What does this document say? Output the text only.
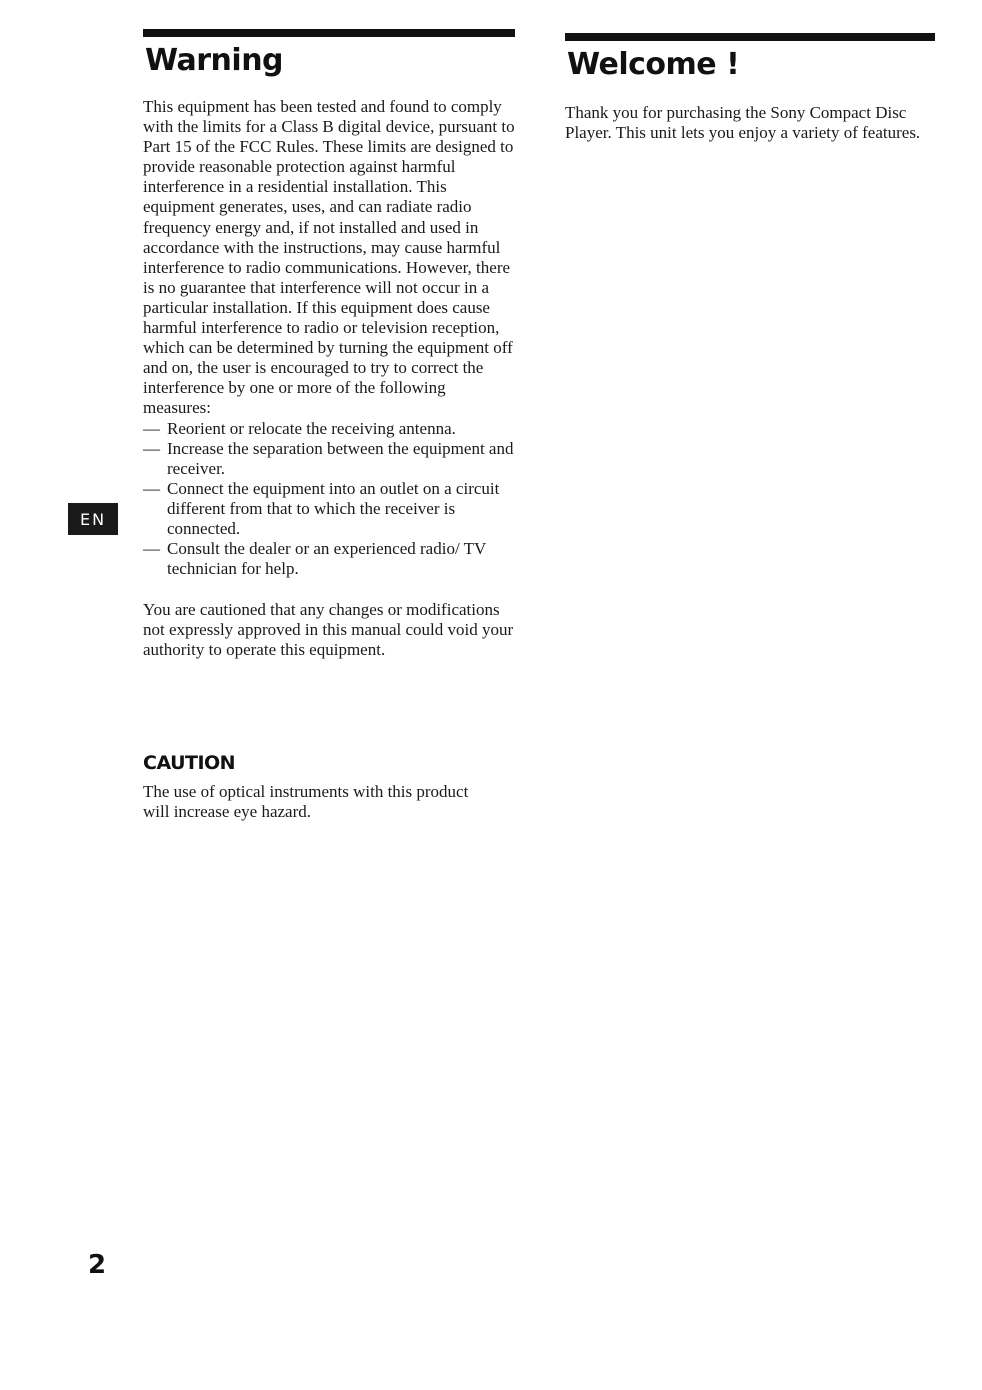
Warning

This equipment has been tested and found to comply with the limits for a Class B digital device, pursuant to Part 15 of the FCC Rules. These limits are designed to provide reasonable protection against harmful interference in a residential installation. This equipment generates, uses, and can radiate radio frequency energy and, if not installed and used in accordance with the instructions, may cause harmful interference to radio communications. However, there is no guarantee that interference will not occur in a particular installation. If this equipment does cause harmful interference to radio or television reception, which can be determined by turning the equipment off and on, the user is encouraged to try to correct the interference by one or more of the following measures:

— Reorient or relocate the receiving antenna.
— Increase the separation between the equipment and receiver.
— Connect the equipment into an outlet on a circuit different from that to which the receiver is connected.
— Consult the dealer or an experienced radio/ TV technician for help.

You are cautioned that any changes or modifications not expressly approved in this manual could void your authority to operate this equipment.

CAUTION

The use of optical instruments with this product will increase eye hazard.

Welcome !

Thank you for purchasing the Sony Compact Disc Player. This unit lets you enjoy a variety of features.

EN
2
